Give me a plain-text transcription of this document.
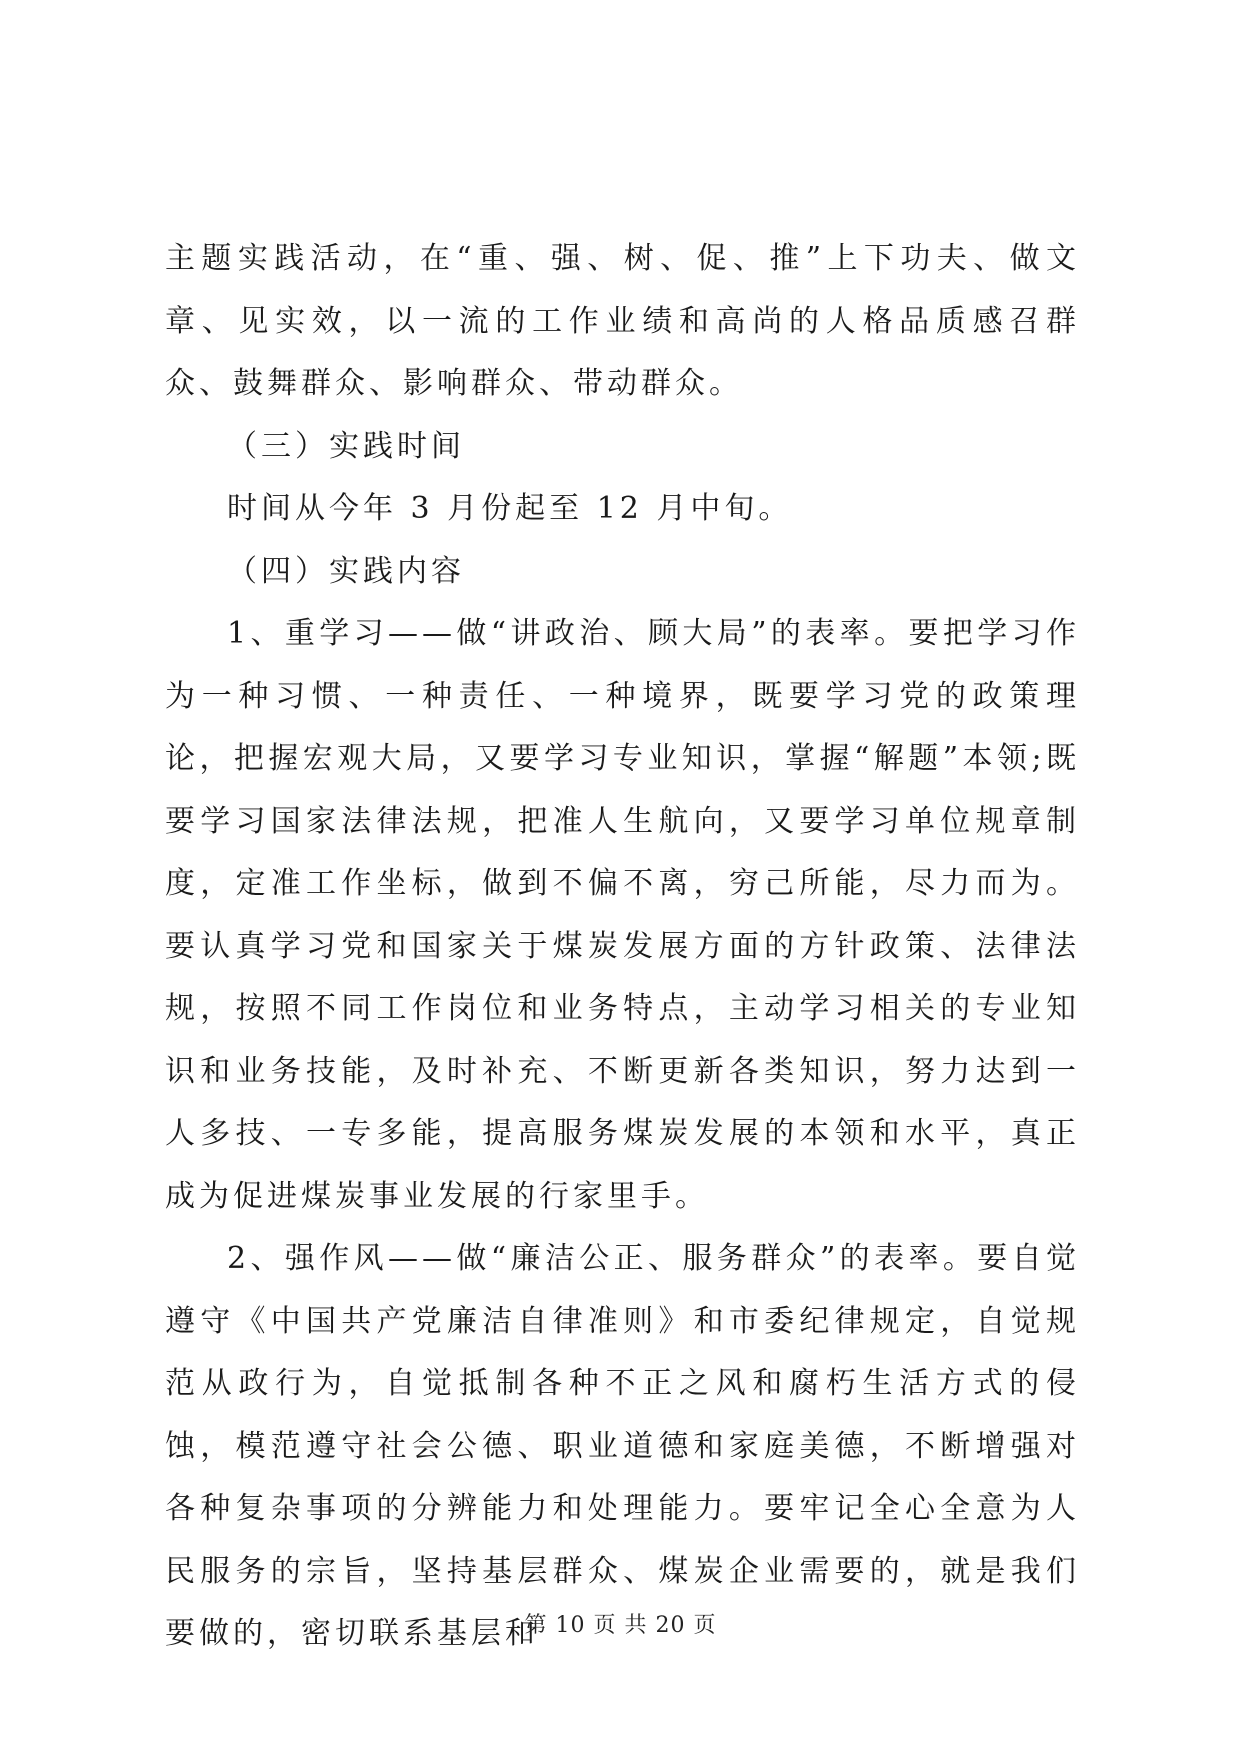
主题实践活动，在“重、强、树、促、推”上下功夫、做文章、见实效，以一流的工作业绩和高尚的人格品质感召群众、鼓舞群众、影响群众、带动群众。

（三）实践时间

时间从今年 3 月份起至 12 月中旬。

（四）实践内容

1、重学习——做“讲政治、顾大局”的表率。要把学习作为一种习惯、一种责任、一种境界，既要学习党的政策理论，把握宏观大局，又要学习专业知识，掌握“解题”本领;既要学习国家法律法规，把准人生航向，又要学习单位规章制度，定准工作坐标，做到不偏不离，穷己所能，尽力而为。要认真学习党和国家关于煤炭发展方面的方针政策、法律法规，按照不同工作岗位和业务特点，主动学习相关的专业知识和业务技能，及时补充、不断更新各类知识，努力达到一人多技、一专多能，提高服务煤炭发展的本领和水平，真正成为促进煤炭事业发展的行家里手。

2、强作风——做“廉洁公正、服务群众”的表率。要自觉遵守《中国共产党廉洁自律准则》和市委纪律规定，自觉规范从政行为，自觉抵制各种不正之风和腐朽生活方式的侵蚀，模范遵守社会公德、职业道德和家庭美德，不断增强对各种复杂事项的分辨能力和处理能力。要牢记全心全意为人民服务的宗旨，坚持基层群众、煤炭企业需要的，就是我们要做的，密切联系基层和

第 10 页 共 20 页
